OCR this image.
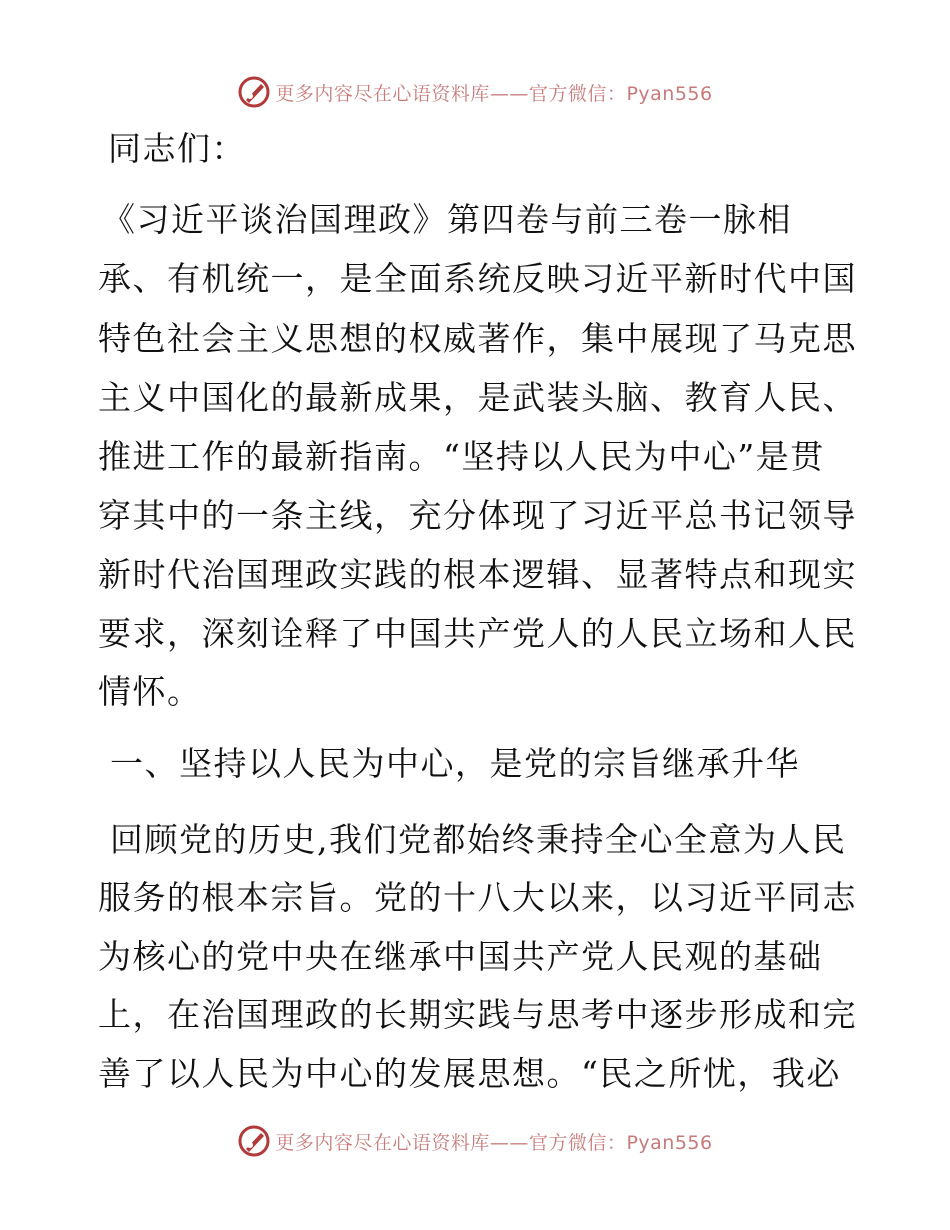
更多内容尽在心语资料库——官方微信：Pyan556
同志们：
《习近平谈治国理政》第四卷与前三卷一脉相
承、有机统一，是全面系统反映习近平新时代中国
特色社会主义思想的权威著作，集中展现了马克思
主义中国化的最新成果，是武装头脑、教育人民、
推进工作的最新指南。“坚持以人民为中心”是贯
穿其中的一条主线，充分体现了习近平总书记领导
新时代治国理政实践的根本逻辑、显著特点和现实
要求，深刻诠释了中国共产党人的人民立场和人民
情怀。
一、坚持以人民为中心，是党的宗旨继承升华
回顾党的历史,我们党都始终秉持全心全意为人民
服务的根本宗旨。党的十八大以来，以习近平同志
为核心的党中央在继承中国共产党人民观的基础
上，在治国理政的长期实践与思考中逐步形成和完
善了以人民为中心的发展思想。“民之所忧，我必
更多内容尽在心语资料库——官方微信：Pyan556
